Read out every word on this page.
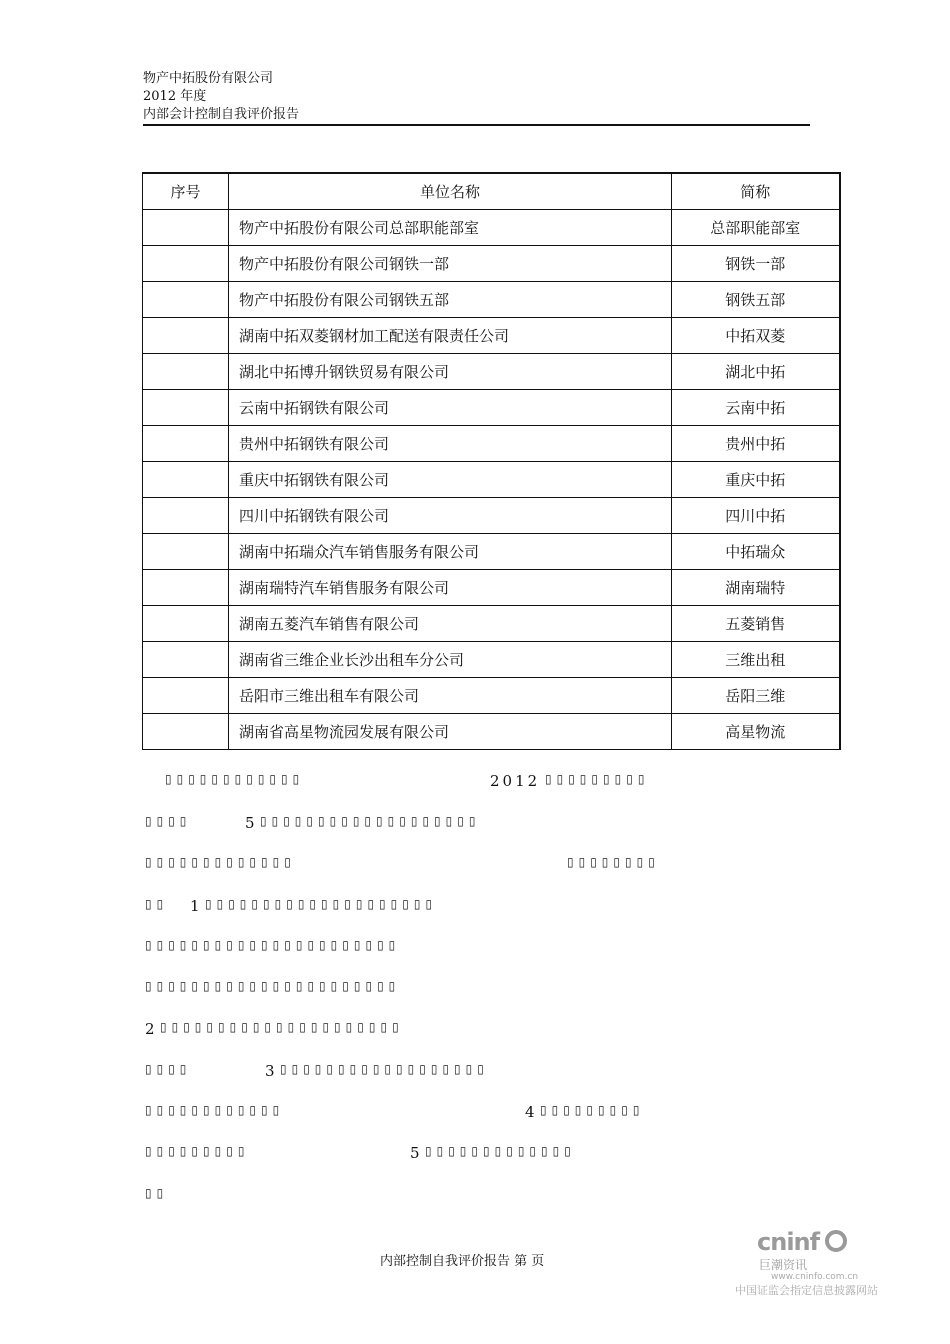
物产中拓股份有限公司
2012 年度
内部会计控制自我评价报告
序号	单位名称	简称
	物产中拓股份有限公司总部职能部室	总部职能部室
	物产中拓股份有限公司钢铁一部	钢铁一部
	物产中拓股份有限公司钢铁五部	钢铁五部
	湖南中拓双菱钢材加工配送有限责任公司	中拓双菱
	湖北中拓博升钢铁贸易有限公司	湖北中拓
	云南中拓钢铁有限公司	云南中拓
	贵州中拓钢铁有限公司	贵州中拓
	重庆中拓钢铁有限公司	重庆中拓
	四川中拓钢铁有限公司	四川中拓
	湖南中拓瑞众汽车销售服务有限公司	中拓瑞众
	湖南瑞特汽车销售服务有限公司	湖南瑞特
	湖南五菱汽车销售有限公司	五菱销售
	湖南省三维企业长沙出租车分公司	三维出租
	岳阳市三维出租车有限公司	岳阳三维
	湖南省高星物流园发展有限公司	高星物流
▯▯▯▯▯▯▯▯▯▯▯▯	2012 ▯▯▯▯▯▯▯▯▯
▯▯▯▯	5 ▯▯▯▯▯▯▯▯▯▯▯▯▯▯▯▯▯▯▯
▯▯▯▯▯▯▯▯▯▯▯▯▯	▯▯▯▯▯▯▯▯
▯▯ 1 ▯▯▯▯▯▯▯▯▯▯▯▯▯▯▯▯▯▯▯▯
▯▯▯▯▯▯▯▯▯▯▯▯▯▯▯▯▯▯▯▯▯▯
▯▯▯▯▯▯▯▯▯▯▯▯▯▯▯▯▯▯▯▯▯▯
2 ▯▯▯▯▯▯▯▯▯▯▯▯▯▯▯▯▯▯▯▯▯
▯▯▯▯	3 ▯▯▯▯▯▯▯▯▯▯▯▯▯▯▯▯▯▯
▯▯▯▯▯▯▯▯▯▯▯▯	4 ▯▯▯▯▯▯▯▯▯
▯▯▯▯▯▯▯▯▯	5 ▯▯▯▯▯▯▯▯▯▯▯▯▯
▯▯
内部控制自我评价报告 第 页
cninf
巨潮资讯
www.cninfo.com.cn
中国证监会指定信息披露网站
